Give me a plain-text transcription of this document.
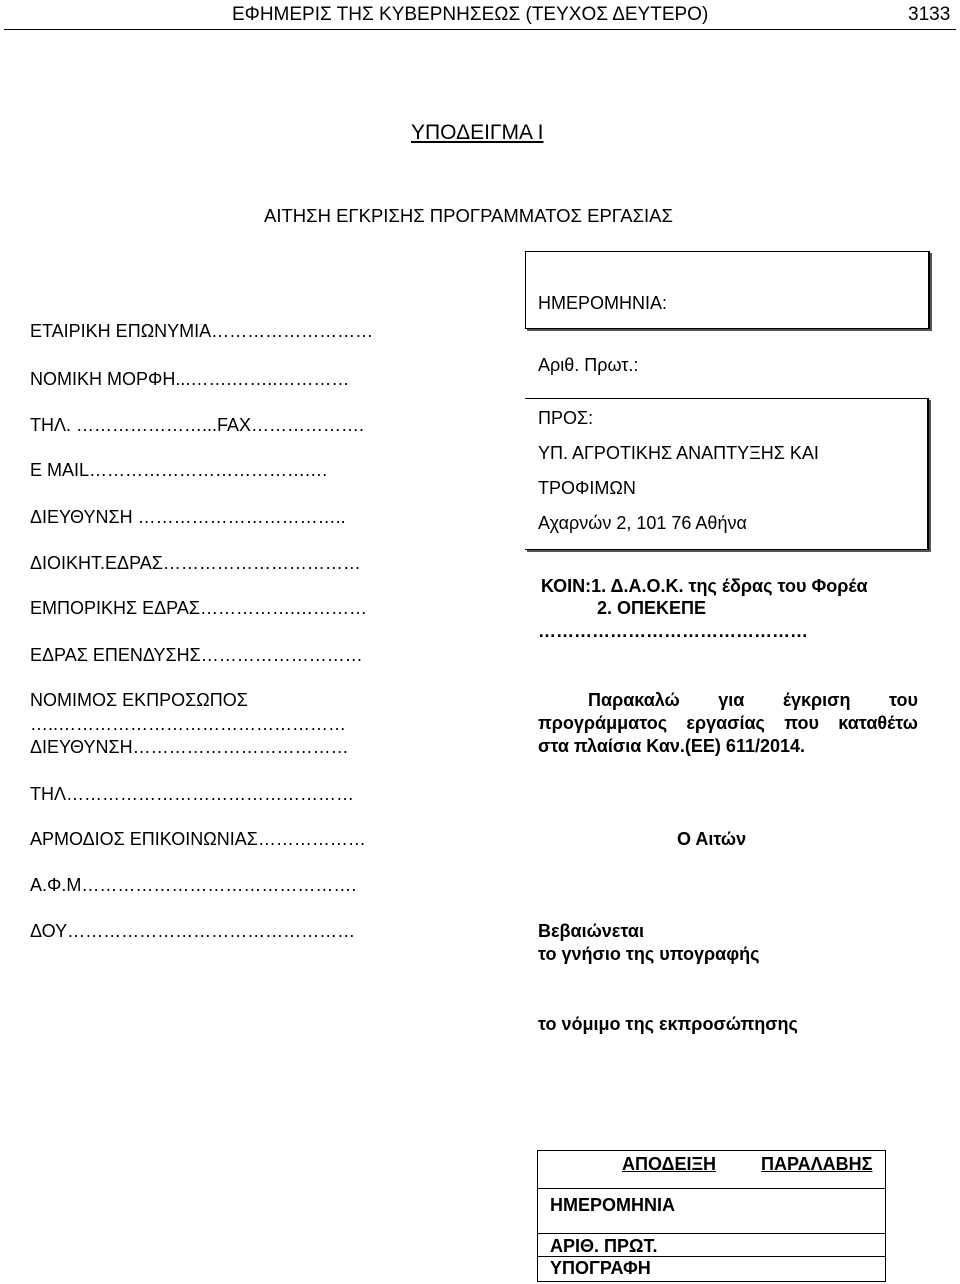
ΕΦΗΜΕΡΙΣ ΤΗΣ ΚΥΒΕΡΝΗΣΕΩΣ (ΤΕΥΧΟΣ ΔΕΥΤΕΡΟ)	3133
ΥΠΟΔΕΙΓΜΑ Ι
ΑΙΤΗΣΗ ΕΓΚΡΙΣΗΣ ΠΡΟΓΡΑΜΜΑΤΟΣ ΕΡΓΑΣΙΑΣ
ΕΤΑΙΡΙΚΗ ΕΠΩΝΥΜΙΑ………………………
ΝΟΜΙΚΗ ΜΟΡΦΗ...…….……..…………
ΤΗΛ. …………………...FAX……………….
Ε MAIL……………………………….…
ΔΙΕΥΘΥΝΣΗ ……………………………..
ΔΙΟΙΚΗΤ.ΕΔΡΑΣ……………………………
ΕΜΠΟΡΙΚΗΣ ΕΔΡΑΣ…………….…………
ΕΔΡΑΣ ΕΠΕΝΔΥΣΗΣ………………………
ΝΟΜΙΜΟΣ ΕΚΠΡΟΣΩΠΟΣ
…..…………………………………………
ΔΙΕΥΘΥΝΣΗ………………………………
ΤΗΛ…………………………………………
ΑΡΜΟΔΙΟΣ ΕΠΙΚΟΙΝΩΝΙΑΣ………………
Α.Φ.Μ……………………………………….
ΔΟΥ…………………………………………
ΗΜΕΡΟΜΗΝΙΑ:
Αριθ. Πρωτ.:
ΠΡΟΣ:
ΥΠ. ΑΓΡΟΤΙΚΗΣ ΑΝΑΠΤΥΞΗΣ ΚΑΙ
ΤΡΟΦΙΜΩΝ
Αχαρνών 2, 101 76 Αθήνα
ΚΟΙΝ:1. Δ.Α.Ο.Κ. της έδρας του Φορέα
2. ΟΠΕΚΕΠΕ
………………………………………
Παρακαλώ για έγκριση του
προγράμματος εργασίας που καταθέτω
στα πλαίσια Καν.(ΕΕ) 611/2014.
Ο Αιτών
Βεβαιώνεται
το γνήσιο της υπογραφής
το νόμιμο της εκπροσώπησης
ΑΠΟΔΕΙΞΗ ΠΑΡΑΛΑΒΗΣ
ΗΜΕΡΟΜΗΝΙΑ
ΑΡΙΘ. ΠΡΩΤ.
ΥΠΟΓΡΑΦΗ
